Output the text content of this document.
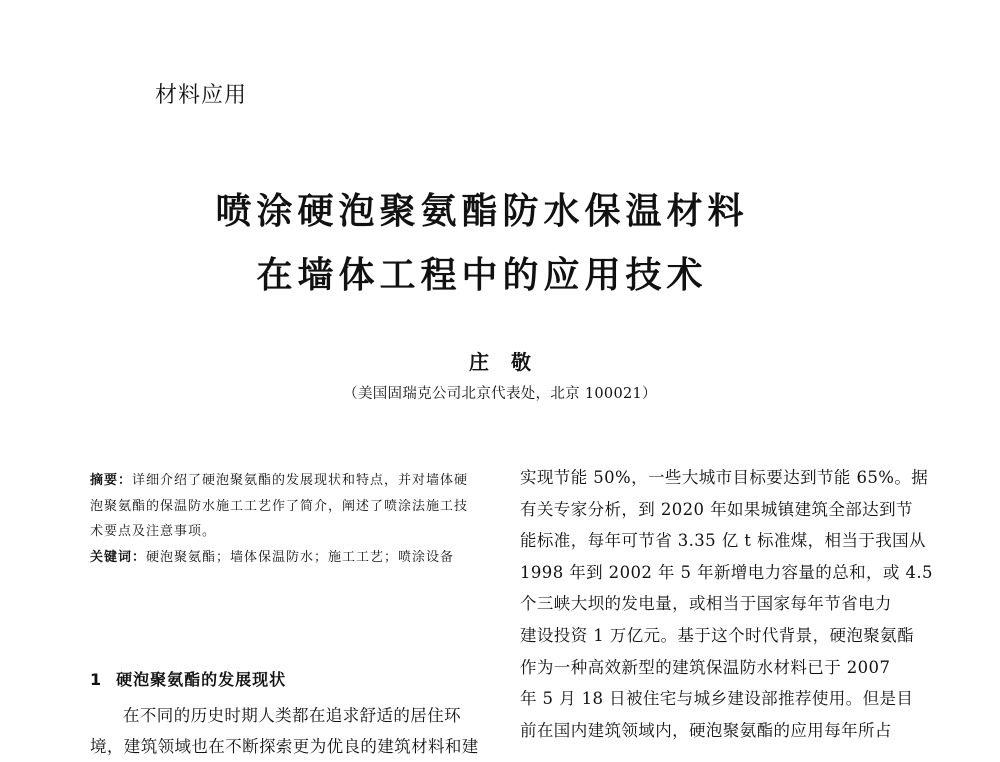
材料应用
喷涂硬泡聚氨酯防水保温材料
在墙体工程中的应用技术
庄敬
（美国固瑞克公司北京代表处，北京 100021）
摘要：详细介绍了硬泡聚氨酯的发展现状和特点，并对墙体硬
泡聚氨酯的保温防水施工工艺作了简介，阐述了喷涂法施工技
术要点及注意事项。
关键词：硬泡聚氨酯；墙体保温防水；施工工艺；喷涂设备
1 硬泡聚氨酯的发展现状
在不同的历史时期人类都在追求舒适的居住环
境，建筑领域也在不断探索更为优良的建筑材料和建
实现节能 50%，一些大城市目标要达到节能 65%。据
有关专家分析，到 2020 年如果城镇建筑全部达到节
能标准，每年可节省 3.35 亿 t 标准煤，相当于我国从
1998 年到 2002 年 5 年新增电力容量的总和，或 4.5
个三峡大坝的发电量，或相当于国家每年节省电力
建设投资 1 万亿元。基于这个时代背景，硬泡聚氨酯
作为一种高效新型的建筑保温防水材料已于 2007
年 5 月 18 日被住宅与城乡建设部推荐使用。但是目
前在国内建筑领域内，硬泡聚氨酯的应用每年所占
